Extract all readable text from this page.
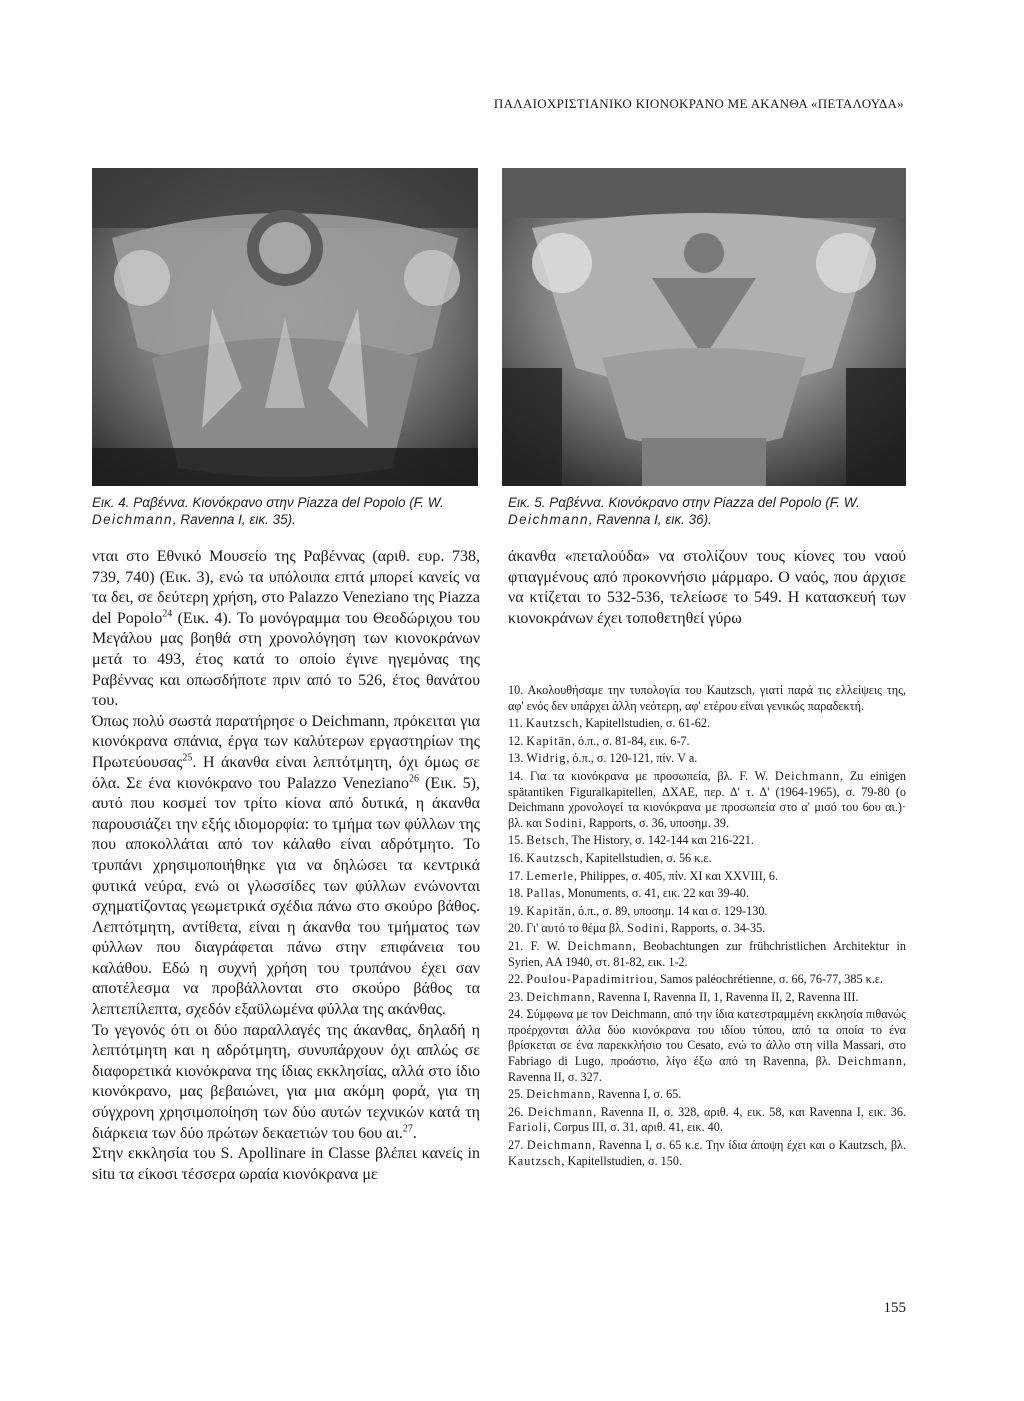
ΠΑΛΑΙΟΧΡΙΣΤΙΑΝΙΚΟ ΚΙΟΝΟΚΡΑΝΟ ΜΕ ΑΚΑΝΘΑ «ΠΕΤΑΛΟΥΔΑ»
Εικ. 4. Ραβέννα. Κιονόκρανο στην Piazza del Popolo (F. W.
Deichmann, Ravenna I, εικ. 35).
Εικ. 5. Ραβέννα. Κιονόκρανο στην Piazza del Popolo (F. W.
Deichmann, Ravenna I, εικ. 36).

νται στο Εθνικό Μουσείο της Ραβέννας (αριθ. ευρ. 738, 739, 740) (Εικ. 3), ενώ τα υπόλοιπα επτά μπορεί κανείς να τα δει, σε δεύτερη χρήση, στο Palazzo Veneziano της Piazza del Popolo$^{24}$ (Εικ. 4). Το μονόγραμμα του Θεοδώριχου του Μεγάλου μας βοηθά στη χρονολόγηση των κιονοκράνων μετά το 493, έτος κατά το οποίο έγινε ηγεμόνας της Ραβέννας και οπωσδήποτε πριν από το 526, έτος θανάτου του.

Όπως πολύ σωστά παρατήρησε ο Deichmann, πρόκειται για κιονόκρανα σπάνια, έργα των καλύτερων εργαστηρίων της Πρωτεύουσας$^{25}$. Η άκανθα είναι λεπτότμητη, όχι όμως σε όλα. Σε ένα κιονόκρανο του Palazzo Veneziano$^{26}$ (Εικ. 5), αυτό που κοσμεί τον τρίτο κίονα από δυτικά, η άκανθα παρουσιάζει την εξής ιδιομορφία: το τμήμα των φύλλων της που αποκολλάται από τον κάλαθο είναι αδρότμητο. Το τρυπάνι χρησιμοποιήθηκε για να δηλώσει τα κεντρικά φυτικά νεύρα, ενώ οι γλωσσίδες των φύλλων ενώνονται σχηματίζοντας γεωμετρικά σχέδια πάνω στο σκούρο βάθος. Λεπτότμητη, αντίθετα, είναι η άκανθα του τμήματος των φύλλων που διαγράφεται πάνω στην επιφάνεια του καλάθου. Εδώ η συχνή χρήση του τρυπάνου έχει σαν αποτέλεσμα να προβάλλονται στο σκούρο βάθος τα λεπτεπίλεπτα, σχεδόν εξαϋλωμένα φύλλα της ακάνθας.

Το γεγονός ότι οι δύο παραλλαγές της άκανθας, δηλαδή η λεπτότμητη και η αδρότμητη, συνυπάρχουν όχι απλώς σε διαφορετικά κιονόκρανα της ίδιας εκκλησίας, αλλά στο ίδιο κιονόκρανο, μας βεβαιώνει, για μια ακόμη φορά, για τη σύγχρονη χρησιμοποίηση των δύο αυτών τεχνικών κατά τη διάρκεια των δύο πρώτων δεκαετιών του 6ου αι.$^{27}$.

Στην εκκλησία του S. Apollinare in Classe βλέπει κανείς in situ τα είκοσι τέσσερα ωραία κιονόκρανα με

άκανθα «πεταλούδα» να στολίζουν τους κίονες του ναού φτιαγμένους από προκοννήσιο μάρμαρο. Ο ναός, που άρχισε να κτίζεται το 532-536, τελείωσε το 549. Η κατασκευή των κιονοκράνων έχει τοποθετηθεί γύρω

10. Ακολουθήσαμε την τυπολογία του Kautzsch, γιατί παρά τις ελλείψεις της, αφ' ενός δεν υπάρχει άλλη νεότερη, αφ' ετέρου είναι γενικώς παραδεκτή.

11. Kautzsch, Kapitellstudien, σ. 61-62.

12. Kapitän, ό.π., σ. 81-84, εικ. 6-7.

13. Widrig, ό.π., σ. 120-121, πίν. V a.

14. Για τα κιονόκρανα με προσωπεία, βλ. F. W. Deichmann, Zu einigen spätantiken Figuralkapitellen, ΔΧΑΕ, περ. Δ' τ. Δ' (1964-1965), σ. 79-80 (ο Deichmann χρονολογεί τα κιονόκρανα με προσωπεία στο α' μισό του 6ου αι.)· βλ. και Sodini, Rapports, σ. 36, υποσημ. 39.

15. Betsch, The History, σ. 142-144 και 216-221.

16. Kautzsch, Kapitellstudien, σ. 56 κ.ε.

17. Lemerle, Philippes, σ. 405, πίν. XI και XXVIII, 6.

18. Pallas, Monuments, σ. 41, εικ. 22 και 39-40.

19. Kapitän, ό.π., σ. 89, υποσημ. 14 και σ. 129-130.

20. Γι' αυτό το θέμα βλ. Sodini, Rapports, σ. 34-35.

21. F. W. Deichmann, Beobachtungen zur frühchristlichen Architektur in Syrien, AA 1940, στ. 81-82, εικ. 1-2.

22. Poulou-Papadimitriou, Samos paléochrétienne, σ. 66, 76-77, 385 κ.ε.

23. Deichmann, Ravenna I, Ravenna II, 1, Ravenna II, 2, Ravenna III.

24. Σύμφωνα με τον Deichmann, από την ίδια κατεστραμμένη εκκλησία πιθανώς προέρχονται άλλα δύο κιονόκρανα του ιδίου τύπου, από τα οποία το ένα βρίσκεται σε ένα παρεκκλήσιο του Cesato, ενώ το άλλο στη villa Massari, στο Fabriago di Lugo, προάστιο, λίγο έξω από τη Ravenna, βλ. Deichmann, Ravenna II, σ. 327.

25. Deichmann, Ravenna I, σ. 65.

26. Deichmann, Ravenna II, σ. 328, αριθ. 4, εικ. 58, και Ravenna I, εικ. 36. Farioli, Corpus III, σ. 31, αριθ. 41, εικ. 40.

27. Deichmann, Ravenna I, σ. 65 κ.ε. Την ίδια άποψη έχει και ο Kautzsch, βλ. Kautzsch, Kapitellstudien, σ. 150.

155
